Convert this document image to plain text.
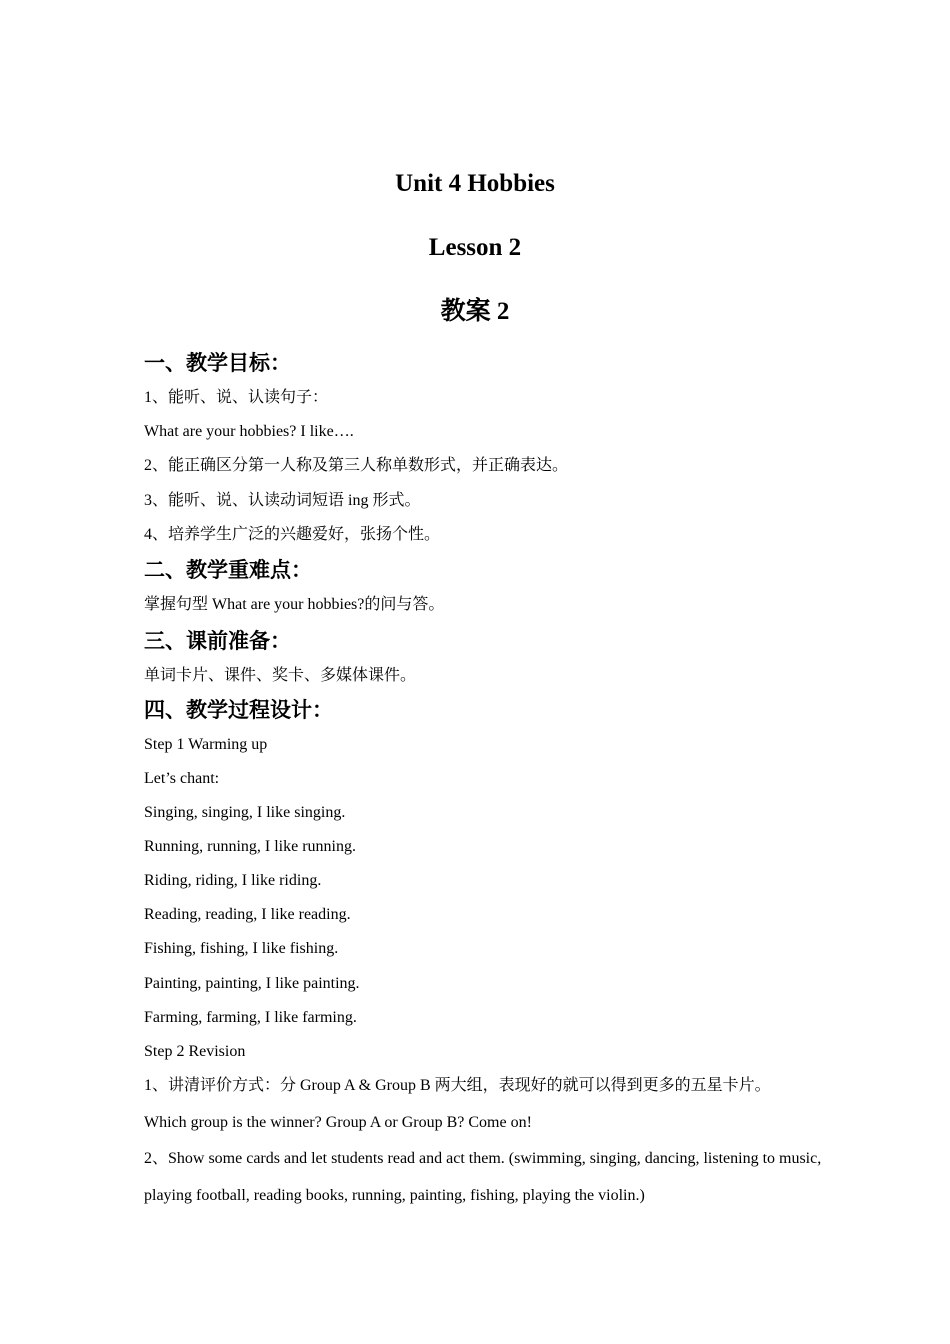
Unit 4 Hobbies
Lesson 2
教案 2
一、教学目标：
1、能听、说、认读句子：
What are your hobbies? I like….
2、能正确区分第一人称及第三人称单数形式，并正确表达。
3、能听、说、认读动词短语 ing 形式。
4、培养学生广泛的兴趣爱好，张扬个性。
二、教学重难点：
掌握句型 What are your hobbies?的问与答。
三、课前准备：
单词卡片、课件、奖卡、多媒体课件。
四、教学过程设计：
Step 1 Warming up
Let’s chant:
Singing, singing, I like singing.
Running, running, I like running.
Riding, riding, I like riding.
Reading, reading, I like reading.
Fishing, fishing, I like fishing.
Painting, painting, I like painting.
Farming, farming, I like farming.
Step 2 Revision
1、讲清评价方式：分 Group A & Group B 两大组，表现好的就可以得到更多的五星卡片。
Which group is the winner? Group A or Group B? Come on!
2、Show some cards and let students read and act them. (swimming, singing, dancing, listening to music, playing football, reading books, running, painting, fishing, playing the violin.)
